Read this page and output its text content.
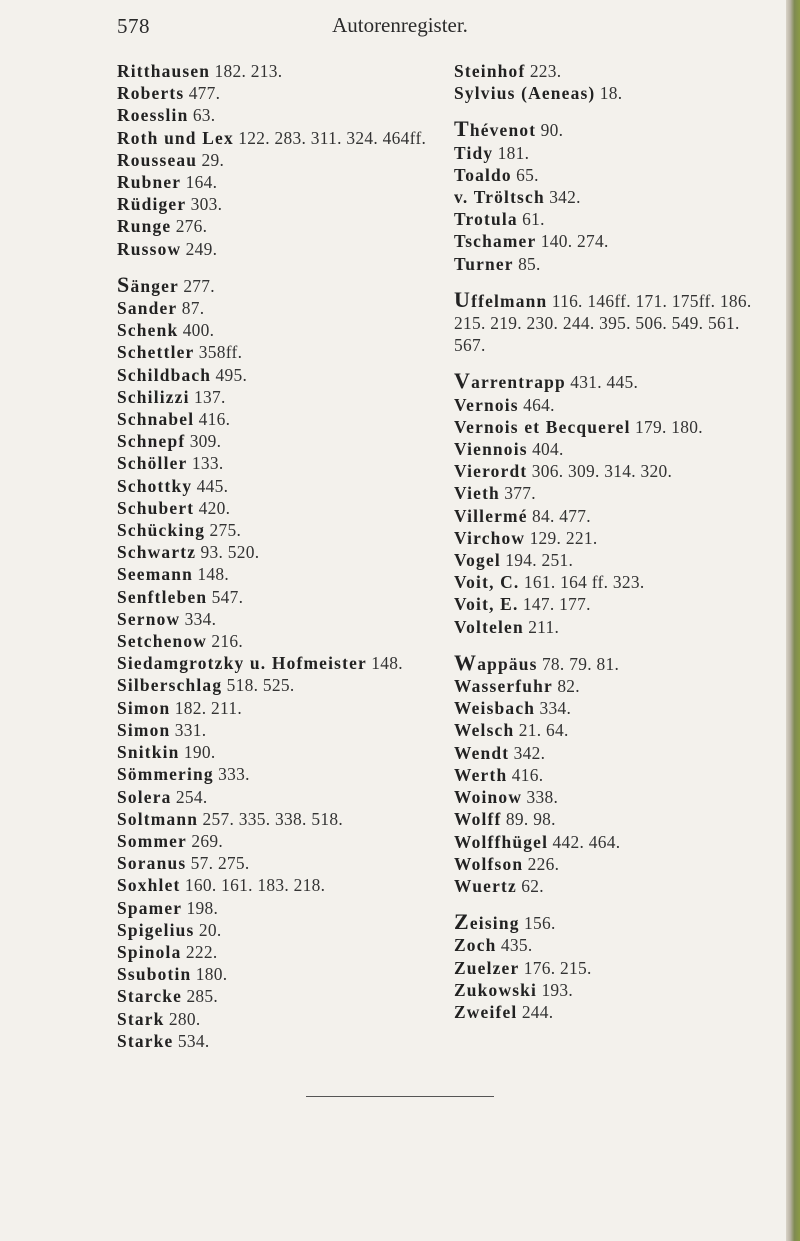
578	Autorenregister.
Ritthausen 182. 213.
Roberts 477.
Roesslin 63.
Roth und Lex 122. 283. 311. 324. 464ff.
Rousseau 29.
Rubner 164.
Rüdiger 303.
Runge 276.
Russow 249.
Sänger 277.
Sander 87.
Schenk 400.
Schettler 358ff.
Schildbach 495.
Schilizzi 137.
Schnabel 416.
Schnepf 309.
Schöller 133.
Schottky 445.
Schubert 420.
Schücking 275.
Schwartz 93. 520.
Seemann 148.
Senftleben 547.
Sernow 334.
Setchenow 216.
Siedamgrotzky u. Hofmeister 148.
Silberschlag 518. 525.
Simon 182. 211.
Simon 331.
Snitkin 190.
Sömmering 333.
Solera 254.
Soltmann 257. 335. 338. 518.
Sommer 269.
Soranus 57. 275.
Soxhlet 160. 161. 183. 218.
Spamer 198.
Spigelius 20.
Spinola 222.
Ssubotin 180.
Starcke 285.
Stark 280.
Starke 534.
Steinhof 223.
Sylvius (Aeneas) 18.
Thévenot 90.
Tidy 181.
Toaldo 65.
v. Tröltsch 342.
Trotula 61.
Tschamer 140. 274.
Turner 85.
Uffelmann 116. 146ff. 171. 175ff. 186. 215. 219. 230. 244. 395. 506. 549. 561. 567.
Varrentrapp 431. 445.
Vernois 464.
Vernois et Becquerel 179. 180.
Viennois 404.
Vierordt 306. 309. 314. 320.
Vieth 377.
Villermé 84. 477.
Virchow 129. 221.
Vogel 194. 251.
Voit, C. 161. 164 ff. 323.
Voit, E. 147. 177.
Voltelen 211.
Wappäus 78. 79. 81.
Wasserfuhr 82.
Weisbach 334.
Welsch 21. 64.
Wendt 342.
Werth 416.
Woinow 338.
Wolff 89. 98.
Wolffhügel 442. 464.
Wolfson 226.
Wuertz 62.
Zeising 156.
Zoch 435.
Zuelzer 176. 215.
Zukowski 193.
Zweifel 244.
